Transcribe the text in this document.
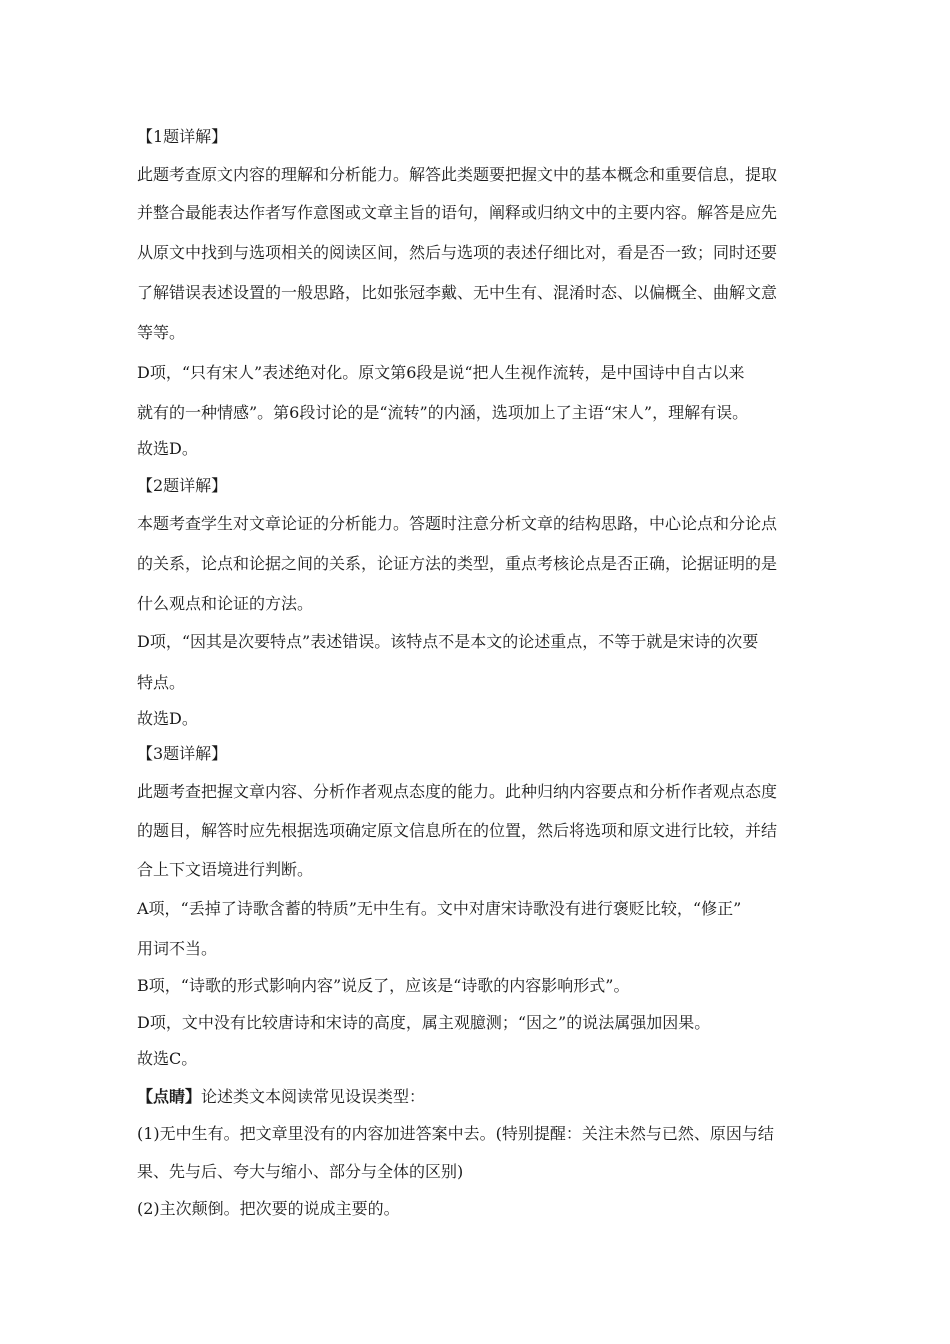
【1题详解】
此题考查原文内容的理解和分析能力。解答此类题要把握文中的基本概念和重要信息，提取
并整合最能表达作者写作意图或文章主旨的语句，阐释或归纳文中的主要内容。解答是应先
从原文中找到与选项相关的阅读区间，然后与选项的表述仔细比对，看是否一致；同时还要
了解错误表述设置的一般思路，比如张冠李戴、无中生有、混淆时态、以偏概全、曲解文意
等等。
D项，“只有宋人”表述绝对化。原文第6段是说“把人生视作流转，是中国诗中自古以来
就有的一种情感”。第6段讨论的是“流转”的内涵，选项加上了主语“宋人”，理解有误。
故选D。
【2题详解】
本题考查学生对文章论证的分析能力。答题时注意分析文章的结构思路，中心论点和分论点
的关系，论点和论据之间的关系，论证方法的类型，重点考核论点是否正确，论据证明的是
什么观点和论证的方法。
D项，“因其是次要特点”表述错误。该特点不是本文的论述重点，不等于就是宋诗的次要
特点。
故选D。
【3题详解】
此题考查把握文章内容、分析作者观点态度的能力。此种归纳内容要点和分析作者观点态度
的题目，解答时应先根据选项确定原文信息所在的位置，然后将选项和原文进行比较，并结
合上下文语境进行判断。
A项，“丢掉了诗歌含蓄的特质”无中生有。文中对唐宋诗歌没有进行褒贬比较，“修正”
用词不当。
B项，“诗歌的形式影响内容”说反了，应该是“诗歌的内容影响形式”。
D项，文中没有比较唐诗和宋诗的高度，属主观臆测；“因之”的说法属强加因果。
故选C。
【点睛】论述类文本阅读常见设误类型：
(1)无中生有。把文章里没有的内容加进答案中去。(特别提醒：关注未然与已然、原因与结
果、先与后、夸大与缩小、部分与全体的区别)
(2)主次颠倒。把次要的说成主要的。
